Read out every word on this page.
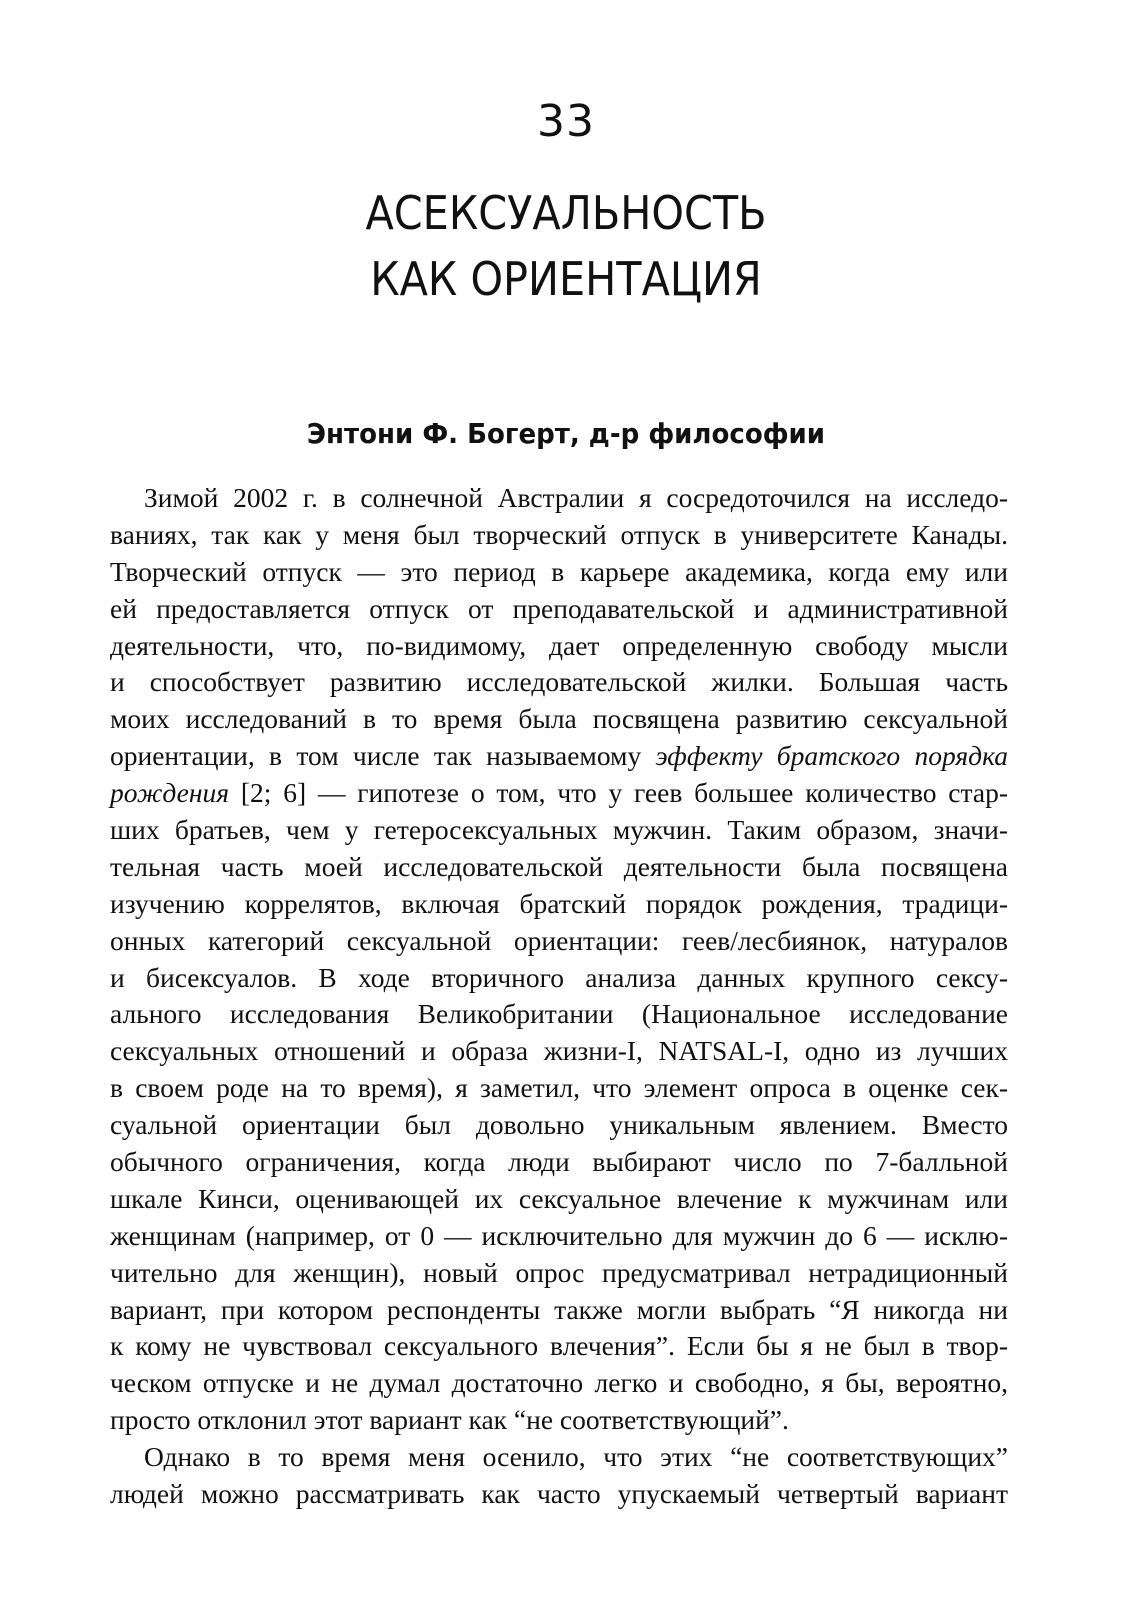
33
АСЕКСУАЛЬНОСТЬ
КАК ОРИЕНТАЦИЯ
Энтони Ф. Богерт, д-р философии
Зимой 2002 г. в солнечной Австралии я сосредоточился на исследо-
ваниях, так как у меня был творческий отпуск в университете Канады.
Творческий отпуск — это период в карьере академика, когда ему или
ей предоставляется отпуск от преподавательской и административной
деятельности, что, по-видимому, дает определенную свободу мысли
и способствует развитию исследовательской жилки. Большая часть
моих исследований в то время была посвящена развитию сексуальной
ориентации, в том числе так называемому эффекту братского порядка
рождения [2; 6] — гипотезе о том, что у геев большее количество стар-
ших братьев, чем у гетеросексуальных мужчин. Таким образом, значи-
тельная часть моей исследовательской деятельности была посвящена
изучению коррелятов, включая братский порядок рождения, традици-
онных категорий сексуальной ориентации: геев/лесбиянок, натуралов
и бисексуалов. В ходе вторичного анализа данных крупного сексу-
ального исследования Великобритании (Национальное исследование
сексуальных отношений и образа жизни-I, NATSAL-I, одно из лучших
в своем роде на то время), я заметил, что элемент опроса в оценке сек-
суальной ориентации был довольно уникальным явлением. Вместо
обычного ограничения, когда люди выбирают число по 7-балльной
шкале Кинси, оценивающей их сексуальное влечение к мужчинам или
женщинам (например, от 0 — исключительно для мужчин до 6 — исклю-
чительно для женщин), новый опрос предусматривал нетрадиционный
вариант, при котором респонденты также могли выбрать “Я никогда ни
к кому не чувствовал сексуального влечения”. Если бы я не был в твор-
ческом отпуске и не думал достаточно легко и свободно, я бы, вероятно,
просто отклонил этот вариант как “не соответствующий”.
Однако в то время меня осенило, что этих “не соответствующих”
людей можно рассматривать как часто упускаемый четвертый вариант
